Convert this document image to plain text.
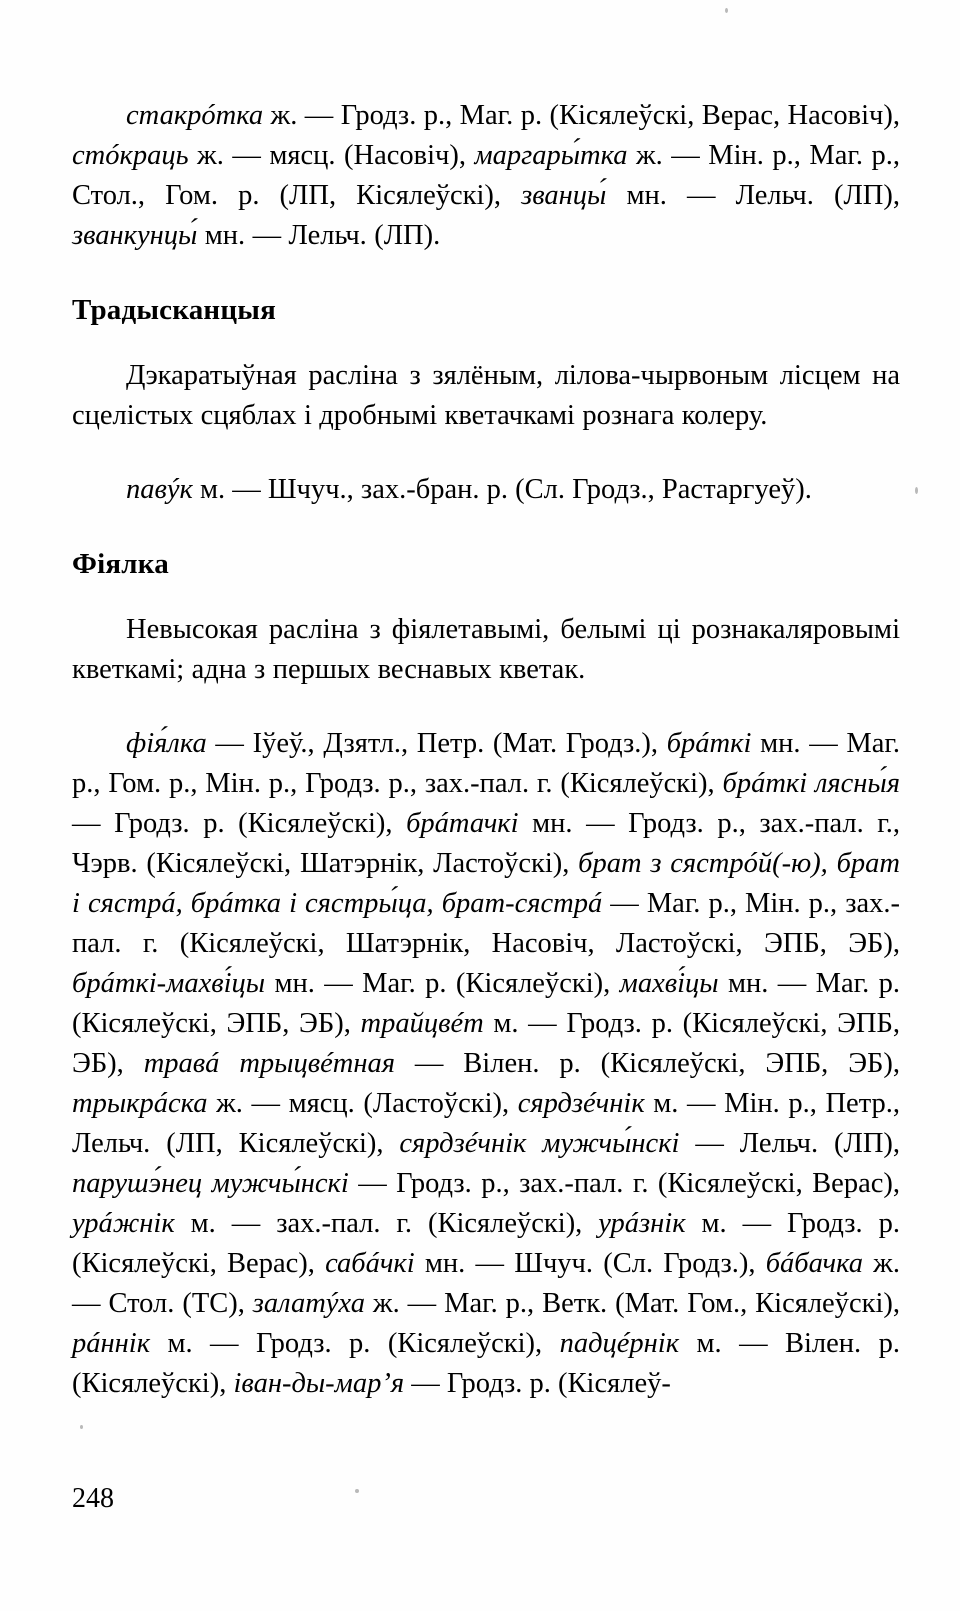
стакрóтка ж. — Гродз. р., Маг. р. (Кісялеўскі, Верас, Насовіч), стóкраць ж. — мясц. (Насовіч), маргары́тка ж. — Мін. р., Маг. р., Стол., Гом. р. (ЛП, Кісялеўскі), званцы́ мн. — Лельч. (ЛП), званкунцы́ мн. — Лельч. (ЛП).

Традысканцыя

Дэкаратыўная расліна з зялёным, лілова-чырвоным лісцем на сцелістых сцяблах і дробнымі кветачкамі рознага колеру.

павýк м. — Шчуч., зах.-бран. р. (Сл. Гродз., Растаргуеў).

Фіялка

Невысокая расліна з фіялетавымі, белымі ці рознакаляровымі кветкамі; адна з першых веснавых кветак.

фія́лка — Іўеў., Дзятл., Петр. (Мат. Гродз.), брáткі мн. — Маг. р., Гом. р., Мін. р., Гродз. р., зах.-пал. г. (Кісялеўскі), брáткі лясны́я — Гродз. р. (Кісялеўскі), брáтачкі мн. — Гродз. р., зах.-пал. г., Чэрв. (Кісялеўскі, Шатэрнік, Ластоўскі), брат з сястрóй(-ю), брат і сястрá, брáтка і сястры́ца, брат-сястрá — Маг. р., Мін. р., зах.-пал. г. (Кісялеўскі, Шатэрнік, Насовіч, Ластоўскі, ЭПБ, ЭБ), брáткі-махві́цы мн. — Маг. р. (Кісялеўскі), махві́цы мн. — Маг. р. (Кісялеўскі, ЭПБ, ЭБ), трайцвéт м. — Гродз. р. (Кісялеўскі, ЭПБ, ЭБ), травá трыцвéтная — Вілен. р. (Кісялеўскі, ЭПБ, ЭБ), трыкрáска ж. — мясц. (Ластоўскі), сярдзéчнік м. — Мін. р., Петр., Лельч. (ЛП, Кісялеўскі), сярдзéчнік мужчы́нскі — Лельч. (ЛП), парушэ́нец мужчы́нскі — Гродз. р., зах.-пал. г. (Кісялеўскі, Верас), урáжнік м. — зах.-пал. г. (Кісялеўскі), урáзнік м. — Гродз. р. (Кісялеўскі, Верас), сабáчкі мн. — Шчуч. (Сл. Гродз.), бáбачка ж. — Стол. (ТС), залатýха ж. — Маг. р., Ветк. (Мат. Гом., Кісялеўскі), рáннік м. — Гродз. р. (Кісялеўскі), падцéрнік м. — Вілен. р. (Кісялеўскі), іван-ды-мар’я — Гродз. р. (Кісялеў-

248
